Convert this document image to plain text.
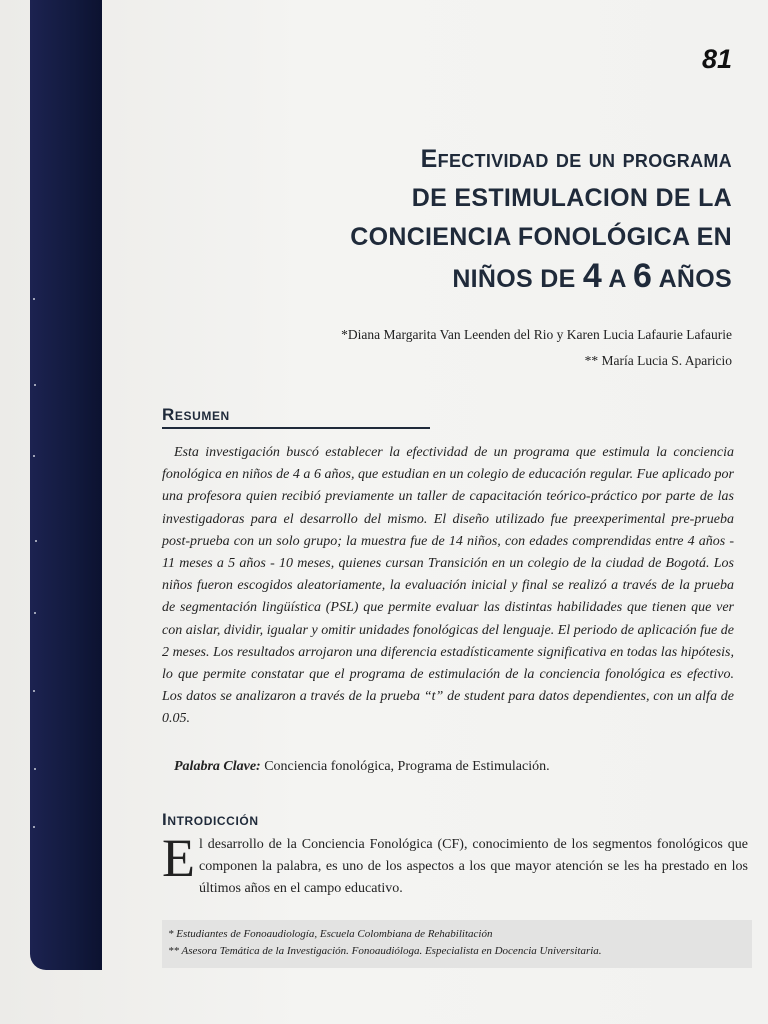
81
Efectividad de un programa
DE ESTIMULACION DE LA
CONCIENCIA FONOLÓGICA EN
NIÑOS DE 4 A 6 AÑOS
*Diana Margarita Van Leenden del Rio y Karen Lucia Lafaurie Lafaurie
** María Lucia S. Aparicio
Resumen
Esta investigación buscó establecer la efectividad de un programa que estimula la conciencia fonológica en niños de 4 a 6 años, que estudian en un colegio de educación regular. Fue aplicado por una profesora quien recibió previamente un taller de capacitación teórico-práctico por parte de las investigadoras para el desarrollo del mismo. El diseño utilizado fue preexperimental pre-prueba post-prueba con un solo grupo; la muestra fue de 14 niños, con edades comprendidas entre 4 años - 11 meses a 5 años - 10 meses, quienes cursan Transición en un colegio de la ciudad de Bogotá. Los niños fueron escogidos aleatoriamente, la evaluación inicial y final se realizó a través de la prueba de segmentación lingüística (PSL) que permite evaluar las distintas habilidades que tienen que ver con aislar, dividir, igualar y omitir unidades fonológicas del lenguaje. El periodo de aplicación fue de 2 meses. Los resultados arrojaron una diferencia estadísticamente significativa en todas las hipótesis, lo que permite constatar que el programa de estimulación de la conciencia fonológica es efectivo. Los datos se analizaron a través de la prueba “t” de student para datos dependientes, con un alfa de 0.05.
Palabra Clave: Conciencia fonológica, Programa de Estimulación.
Introdicción
E l desarrollo de la Conciencia Fonológica (CF), conocimiento de los segmentos fonológicos que componen la palabra, es uno de los aspectos a los que mayor atención se les ha prestado en los últimos años en el campo educativo.
* Estudiantes de Fonoaudiología, Escuela Colombiana de Rehabilitación
** Asesora Temática de la Investigación. Fonoaudióloga. Especialista en Docencia Universitaria.
